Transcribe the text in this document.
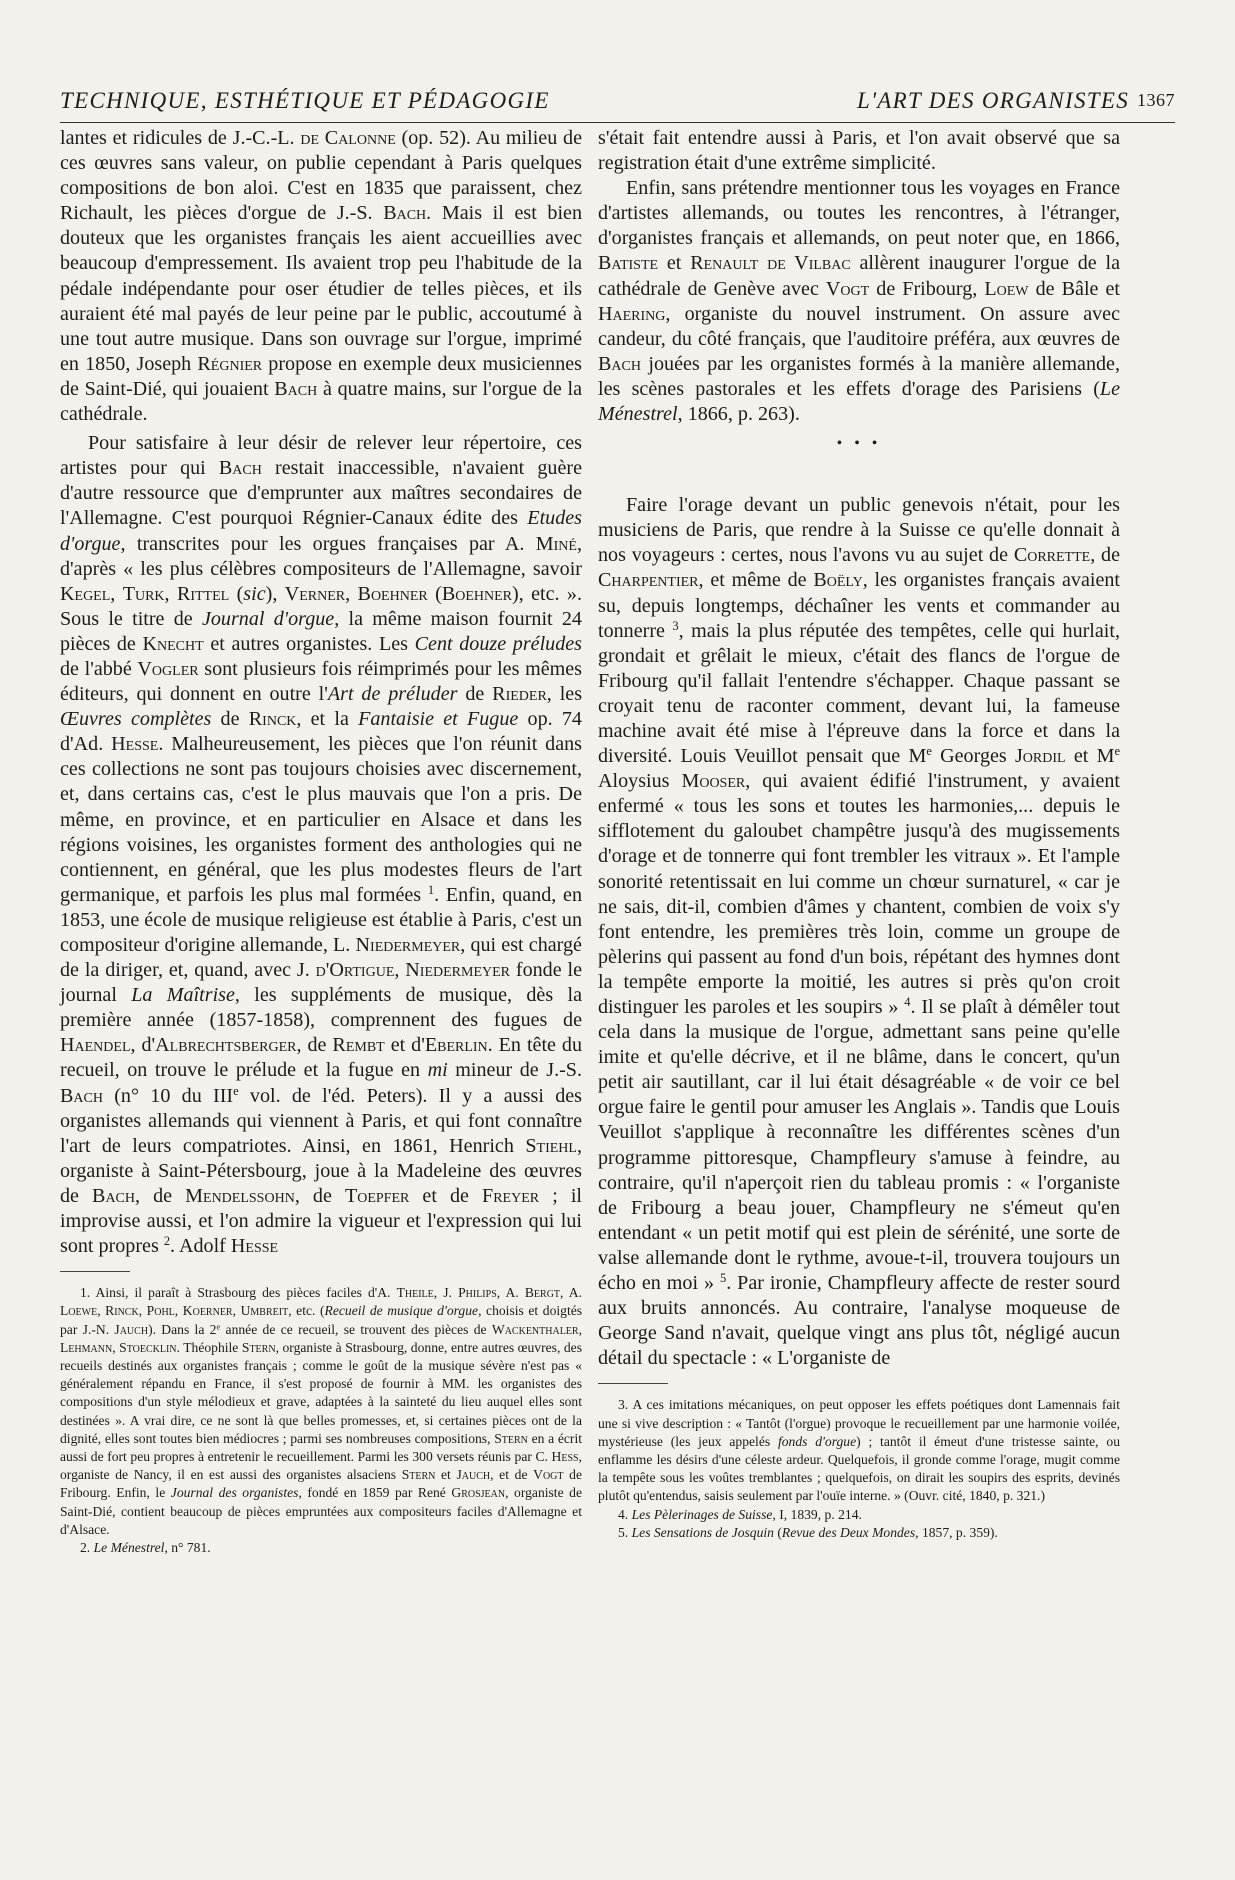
TECHNIQUE, ESTHÉTIQUE ET PÉDAGOGIE	L'ART DES ORGANISTES 1367

lantes et ridicules de J.-C.-L. de Calonne (op. 52). Au milieu de ces œuvres sans valeur, on publie cependant à Paris quelques compositions de bon aloi. C'est en 1835 que paraissent, chez Richault, les pièces d'orgue de J.-S. Bach. Mais il est bien douteux que les organistes français les aient accueillies avec beaucoup d'empressement. Ils avaient trop peu l'habitude de la pédale indépendante pour oser étudier de telles pièces, et ils auraient été mal payés de leur peine par le public, accoutumé à une tout autre musique. Dans son ouvrage sur l'orgue, imprimé en 1850, Joseph Régnier propose en exemple deux musiciennes de Saint-Dié, qui jouaient Bach à quatre mains, sur l'orgue de la cathédrale.

Pour satisfaire à leur désir de relever leur répertoire, ces artistes pour qui Bach restait inaccessible, n'avaient guère d'autre ressource que d'emprunter aux maîtres secondaires de l'Allemagne. C'est pourquoi Régnier-Canaux édite des Etudes d'orgue, transcrites pour les orgues françaises par A. Miné, d'après « les plus célèbres compositeurs de l'Allemagne, savoir Kegel, Turk, Rittel (sic), Verner, Boehner (Boehner), etc. ». Sous le titre de Journal d'orgue, la même maison fournit 24 pièces de Knecht et autres organistes. Les Cent douze préludes de l'abbé Vogler sont plusieurs fois réimprimés pour les mêmes éditeurs, qui donnent en outre l'Art de préluder de Rieder, les Œuvres complètes de Rinck, et la Fantaisie et Fugue op. 74 d'Ad. Hesse. Malheureusement, les pièces que l'on réunit dans ces collections ne sont pas toujours choisies avec discernement, et, dans certains cas, c'est le plus mauvais que l'on a pris. De même, en province, et en particulier en Alsace et dans les régions voisines, les organistes forment des anthologies qui ne contiennent, en général, que les plus modestes fleurs de l'art germanique, et parfois les plus mal formées $^1$. Enfin, quand, en 1853, une école de musique religieuse est établie à Paris, c'est un compositeur d'origine allemande, L. Niedermeyer, qui est chargé de la diriger, et, quand, avec J. d'Ortigue, Niedermeyer fonde le journal La Maîtrise, les suppléments de musique, dès la première année (1857-1858), comprennent des fugues de Haendel, d'Albrechtsberger, de Rembt et d'Eberlin. En tête du recueil, on trouve le prélude et la fugue en mi mineur de J.-S. Bach (n° 10 du IIIe vol. de l'éd. Peters). Il y a aussi des organistes allemands qui viennent à Paris, et qui font connaître l'art de leurs compatriotes. Ainsi, en 1861, Henrich Stiehl, organiste à Saint-Pétersbourg, joue à la Madeleine des œuvres de Bach, de Mendelssohn, de Toepfer et de Freyer ; il improvise aussi, et l'on admire la vigueur et l'expression qui lui sont propres $^2$. Adolf Hesse

1. Ainsi, il paraît à Strasbourg des pièces faciles d'A. Theile, J. Philips, A. Bergt, A. Loewe, Rinck, Pohl, Koerner, Umbreit, etc. (Recueil de musique d'orgue, choisis et doigtés par J.-N. Jauch). Dans la 2e année de ce recueil, se trouvent des pièces de Wackenthaler, Lehmann, Stoecklin. Théophile Stern, organiste à Strasbourg, donne, entre autres œuvres, des recueils destinés aux organistes français ; comme le goût de la musique sévère n'est pas « généralement répandu en France, il s'est proposé de fournir à MM. les organistes des compositions d'un style mélodieux et grave, adaptées à la sainteté du lieu auquel elles sont destinées ». A vrai dire, ce ne sont là que belles promesses, et, si certaines pièces ont de la dignité, elles sont toutes bien médiocres ; parmi ses nombreuses compositions, Stern en a écrit aussi de fort peu propres à entretenir le recueillement. Parmi les 300 versets réunis par C. Hess, organiste de Nancy, il en est aussi des organistes alsaciens Stern et Jauch, et de Vogt de Fribourg. Enfin, le Journal des organistes, fondé en 1859 par René Grosjean, organiste de Saint-Dié, contient beaucoup de pièces empruntées aux compositeurs faciles d'Allemagne et d'Alsace.

2. Le Ménestrel, n° 781.

s'était fait entendre aussi à Paris, et l'on avait observé que sa registration était d'une extrême simplicité.

Enfin, sans prétendre mentionner tous les voyages en France d'artistes allemands, ou toutes les rencontres, à l'étranger, d'organistes français et allemands, on peut noter que, en 1866, Batiste et Renault de Vilbac allèrent inaugurer l'orgue de la cathédrale de Genève avec Vogt de Fribourg, Loew de Bâle et Haering, organiste du nouvel instrument. On assure avec candeur, du côté français, que l'auditoire préféra, aux œuvres de Bach jouées par les organistes formés à la manière allemande, les scènes pastorales et les effets d'orage des Parisiens (Le Ménestrel, 1866, p. 263).

• • •

Faire l'orage devant un public genevois n'était, pour les musiciens de Paris, que rendre à la Suisse ce qu'elle donnait à nos voyageurs : certes, nous l'avons vu au sujet de Corrette, de Charpentier, et même de Boëly, les organistes français avaient su, depuis longtemps, déchaîner les vents et commander au tonnerre $^3$, mais la plus réputée des tempêtes, celle qui hurlait, grondait et grêlait le mieux, c'était des flancs de l'orgue de Fribourg qu'il fallait l'entendre s'échapper. Chaque passant se croyait tenu de raconter comment, devant lui, la fameuse machine avait été mise à l'épreuve dans la force et dans la diversité. Louis Veuillot pensait que Me Georges Jordil et Me Aloysius Mooser, qui avaient édifié l'instrument, y avaient enfermé « tous les sons et toutes les harmonies,... depuis le sifflotement du galoubet champêtre jusqu'à des mugissements d'orage et de tonnerre qui font trembler les vitraux ». Et l'ample sonorité retentissait en lui comme un chœur surnaturel, « car je ne sais, dit-il, combien d'âmes y chantent, combien de voix s'y font entendre, les premières très loin, comme un groupe de pèlerins qui passent au fond d'un bois, répétant des hymnes dont la tempête emporte la moitié, les autres si près qu'on croit distinguer les paroles et les soupirs » $^4$. Il se plaît à démêler tout cela dans la musique de l'orgue, admettant sans peine qu'elle imite et qu'elle décrive, et il ne blâme, dans le concert, qu'un petit air sautillant, car il lui était désagréable « de voir ce bel orgue faire le gentil pour amuser les Anglais ». Tandis que Louis Veuillot s'applique à reconnaître les différentes scènes d'un programme pittoresque, Champfleury s'amuse à feindre, au contraire, qu'il n'aperçoit rien du tableau promis : « l'organiste de Fribourg a beau jouer, Champfleury ne s'émeut qu'en entendant « un petit motif qui est plein de sérénité, une sorte de valse allemande dont le rythme, avoue-t-il, trouvera toujours un écho en moi » $^5$. Par ironie, Champfleury affecte de rester sourd aux bruits annoncés. Au contraire, l'analyse moqueuse de George Sand n'avait, quelque vingt ans plus tôt, négligé aucun détail du spectacle : « L'organiste de

3. A ces imitations mécaniques, on peut opposer les effets poétiques dont Lamennais fait une si vive description : « Tantôt (l'orgue) provoque le recueillement par une harmonie voilée, mystérieuse (les jeux appelés fonds d'orgue) ; tantôt il émeut d'une tristesse sainte, ou enflamme les désirs d'une céleste ardeur. Quelquefois, il gronde comme l'orage, mugit comme la tempête sous les voûtes tremblantes ; quelquefois, on dirait les soupirs des esprits, devinés plutôt qu'entendus, saisis seulement par l'ouïe interne. » (Ouvr. cité, 1840, p. 321.)

4. Les Pèlerinages de Suisse, I, 1839, p. 214.

5. Les Sensations de Josquin (Revue des Deux Mondes, 1857, p. 359).
